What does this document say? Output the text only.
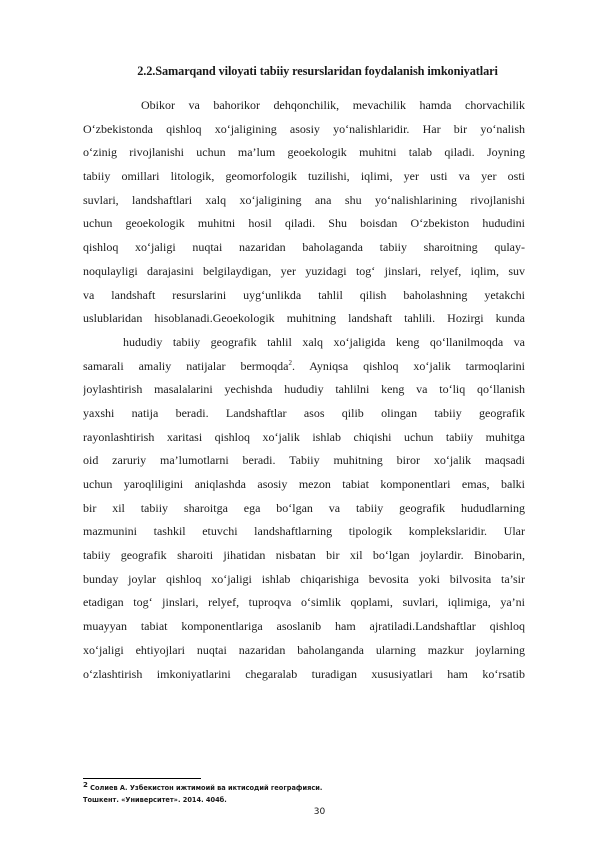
2.2.Samarqand viloyati tabiiy resurslaridan foydalanish imkoniyatlari
Obikor va bahorikor dehqonchilik, mevachilik hamda chorvachilik
O‘zbekistonda qishloq xo‘jaligining asosiy yo‘nalishlaridir. Har bir yo‘nalish
o‘zinig rivojlanishi uchun ma’lum geoekologik muhitni talab qiladi. Joyning
tabiiy omillari litologik, geomorfologik tuzilishi, iqlimi, yer usti va yer osti
suvlari, landshaftlari xalq xo‘jaligining ana shu yo‘nalishlarining rivojlanishi
uchun geoekologik muhitni hosil qiladi. Shu boisdan O‘zbekiston hududini
qishloq xo‘jaligi nuqtai nazaridan baholaganda tabiiy sharoitning qulay-
noqulayligi darajasini belgilaydigan, yer yuzidagi tog‘ jinslari, relyef, iqlim, suv
va landshaft resurslarini uyg‘unlikda tahlil qilish baholashning yetakchi
uslublaridan hisoblanadi.Geoekologik muhitning landshaft tahlili. Hozirgi kunda
hududiy tabiiy geografik tahlil xalq xo‘jaligida keng qo‘llanilmoqda va
samarali amaliy natijalar bermoqda$^2$. Ayniqsa qishloq xo‘jalik tarmoqlarini
joylashtirish masalalarini yechishda hududiy tahlilni keng va to‘liq qo‘llanish
yaxshi natija beradi. Landshaftlar asos qilib olingan tabiiy geografik
rayonlashtirish xaritasi qishloq xo‘jalik ishlab chiqishi uchun tabiiy muhitga
oid zaruriy ma’lumotlarni beradi. Tabiiy muhitning biror xo‘jalik maqsadi
uchun yaroqliligini aniqlashda asosiy mezon tabiat komponentlari emas, balki
bir xil tabiiy sharoitga ega bo‘lgan va tabiiy geografik hududlarning
mazmunini tashkil etuvchi landshaftlarning tipologik komplekslaridir. Ular
tabiiy geografik sharoiti jihatidan nisbatan bir xil bo‘lgan joylardir. Binobarin,
bunday joylar qishloq xo‘jaligi ishlab chiqarishiga bevosita yoki bilvosita ta’sir
etadigan tog‘ jinslari, relyef, tuproqva o‘simlik qoplami, suvlari, iqlimiga, ya’ni
muayyan tabiat komponentlariga asoslanib ham ajratiladi.Landshaftlar qishloq
xo‘jaligi ehtiyojlari nuqtai nazaridan baholanganda ularning mazkur joylarning
o‘zlashtirish imkoniyatlarini chegaralab turadigan xususiyatlari ham ko‘rsatib
$^2$ Солиев А. Узбекистон ижтимоий ва иктисодий географияси.
Тошкент. «Университет». 2014. 404б.
30
